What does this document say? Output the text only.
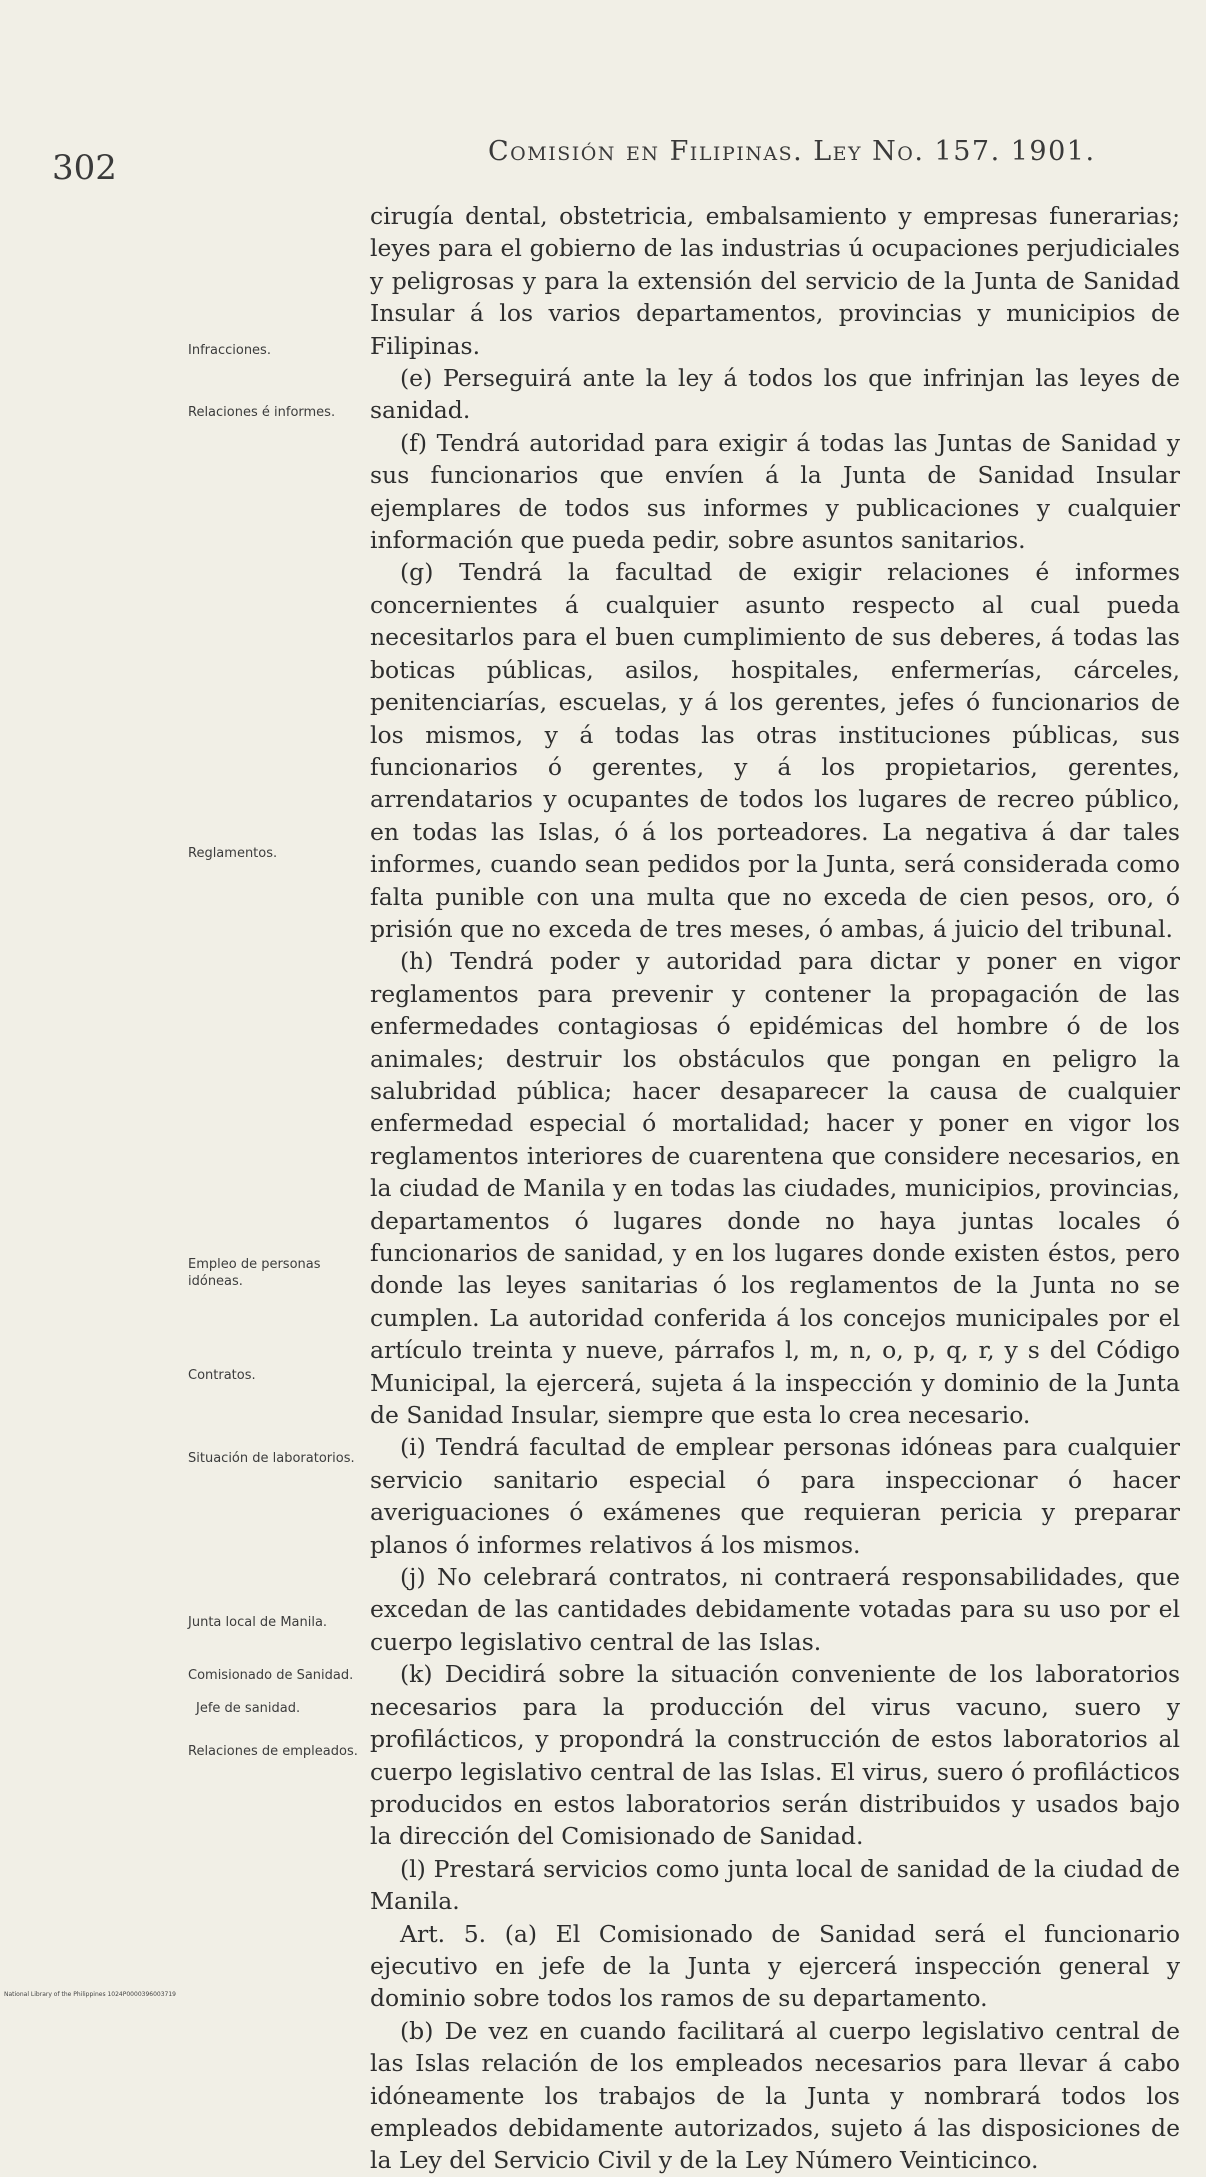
302	Comisión en Filipinas. Ley No. 157. 1901.

cirugía dental, obstetricia, embalsamiento y empresas funerarias; leyes para el gobierno de las industrias ú ocupaciones perjudiciales y peligrosas y para la extensión del servicio de la Junta de Sanidad Insular á los varios departamentos, provincias y municipios de Filipinas.

(e) Perseguirá ante la ley á todos los que infrinjan las leyes de sanidad.

(f) Tendrá autoridad para exigir á todas las Juntas de Sanidad y sus funcionarios que envíen á la Junta de Sanidad Insular ejemplares de todos sus informes y publicaciones y cualquier información que pueda pedir, sobre asuntos sanitarios.

(g) Tendrá la facultad de exigir relaciones é informes concernientes á cualquier asunto respecto al cual pueda necesitarlos para el buen cumplimiento de sus deberes, á todas las boticas públicas, asilos, hospitales, enfermerías, cárceles, penitenciarías, escuelas, y á los gerentes, jefes ó funcionarios de los mismos, y á todas las otras instituciones públicas, sus funcionarios ó gerentes, y á los propietarios, gerentes, arrendatarios y ocupantes de todos los lugares de recreo público, en todas las Islas, ó á los porteadores. La negativa á dar tales informes, cuando sean pedidos por la Junta, será considerada como falta punible con una multa que no exceda de cien pesos, oro, ó prisión que no exceda de tres meses, ó ambas, á juicio del tribunal.

(h) Tendrá poder y autoridad para dictar y poner en vigor reglamentos para prevenir y contener la propagación de las enfermedades contagiosas ó epidémicas del hombre ó de los animales; destruir los obstáculos que pongan en peligro la salubridad pública; hacer desaparecer la causa de cualquier enfermedad especial ó mortalidad; hacer y poner en vigor los reglamentos interiores de cuarentena que considere necesarios, en la ciudad de Manila y en todas las ciudades, municipios, provincias, departamentos ó lugares donde no haya juntas locales ó funcionarios de sanidad, y en los lugares donde existen éstos, pero donde las leyes sanitarias ó los reglamentos de la Junta no se cumplen. La autoridad conferida á los concejos municipales por el artículo treinta y nueve, párrafos l, m, n, o, p, q, r, y s del Código Municipal, la ejercerá, sujeta á la inspección y dominio de la Junta de Sanidad Insular, siempre que esta lo crea necesario.

(i) Tendrá facultad de emplear personas idóneas para cualquier servicio sanitario especial ó para inspeccionar ó hacer averiguaciones ó exámenes que requieran pericia y preparar planos ó informes relativos á los mismos.

(j) No celebrará contratos, ni contraerá responsabilidades, que excedan de las cantidades debidamente votadas para su uso por el cuerpo legislativo central de las Islas.

(k) Decidirá sobre la situación conveniente de los laboratorios necesarios para la producción del virus vacuno, suero y profilácticos, y propondrá la construcción de estos laboratorios al cuerpo legislativo central de las Islas. El virus, suero ó profilácticos producidos en estos laboratorios serán distribuidos y usados bajo la dirección del Comisionado de Sanidad.

(l) Prestará servicios como junta local de sanidad de la ciudad de Manila.

Art. 5. (a) El Comisionado de Sanidad será el funcionario ejecutivo en jefe de la Junta y ejercerá inspección general y dominio sobre todos los ramos de su departamento.

(b) De vez en cuando facilitará al cuerpo legislativo central de las Islas relación de los empleados necesarios para llevar á cabo idóneamente los trabajos de la Junta y nombrará todos los empleados debidamente autorizados, sujeto á las disposiciones de la Ley del Servicio Civil y de la Ley Número Veinticinco.

Infracciones.
Relaciones é informes.
Reglamentos.
Empleo de personas idóneas.
Contratos.
Situación de laboratorios.
Junta local de Manila.
Comisionado de Sanidad.
Jefe de sanidad.
Relaciones de empleados.
National Library of the Philippines 1024P0000396003719
